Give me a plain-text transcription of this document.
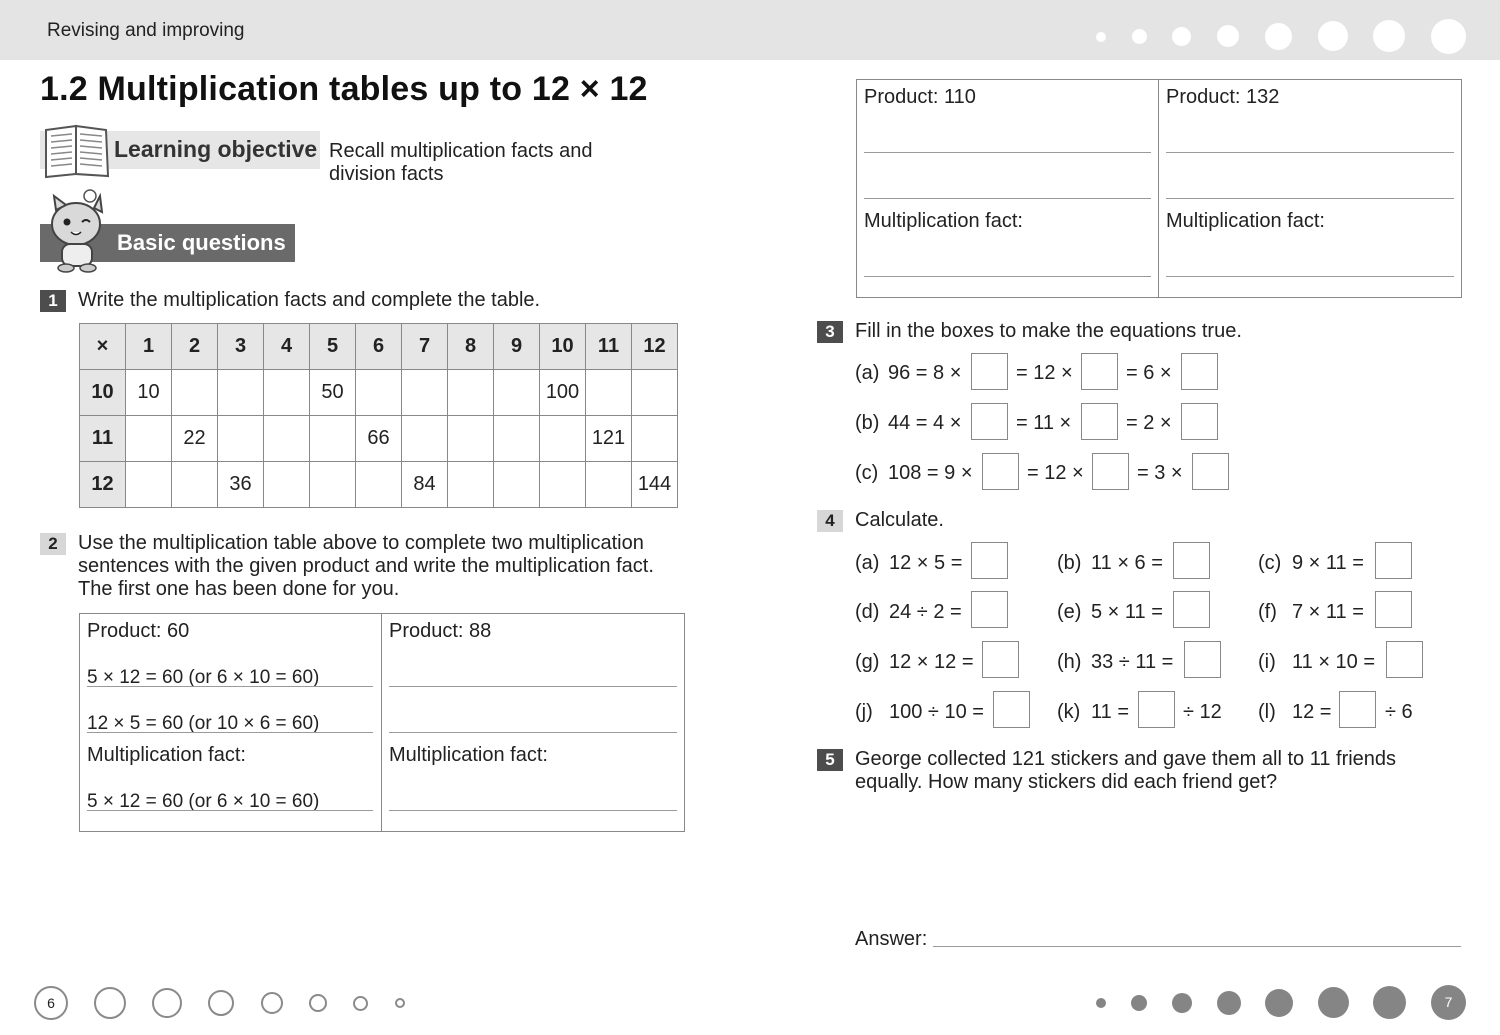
Revising and improving
1.2 Multiplication tables up to 12 × 12
Learning objective Recall multiplication facts and division facts
Basic questions
1	Write the multiplication facts and complete the table.
×	1	2	3	4	5	6	7	8	9	10	11	12
10	10				50					100		
11		22				66					121	
12			36				84					144
2	Use the multiplication table above to complete two multiplication sentences with the given product and write the multiplication fact. The first one has been done for you.
Product: 60
5 × 12 = 60 (or 6 × 10 = 60)
12 × 5 = 60 (or 10 × 6 = 60)
Multiplication fact:
5 × 12 = 60 (or 6 × 10 = 60)
Product: 88
Multiplication fact:
Product: 110
Multiplication fact:
Product: 132
Multiplication fact:
3	Fill in the boxes to make the equations true.
(a) 96 = 8 ×	= 12 ×	= 6 ×
(b) 44 = 4 ×	= 11 ×	= 2 ×
(c) 108 = 9 ×	= 12 ×	= 3 ×
4	Calculate.
(a) 12 × 5 =	(b) 11 × 6 =	(c) 9 × 11 =
(d) 24 ÷ 2 =	(e) 5 × 11 =	(f) 7 × 11 =
(g) 12 × 12 =	(h) 33 ÷ 11 =	(i) 11 × 10 =
(j) 100 ÷ 10 =	(k) 11 =	÷ 12 (l) 12 =	÷ 6
5	George collected 121 stickers and gave them all to 11 friends equally. How many stickers did each friend get?
Answer:
6	7
